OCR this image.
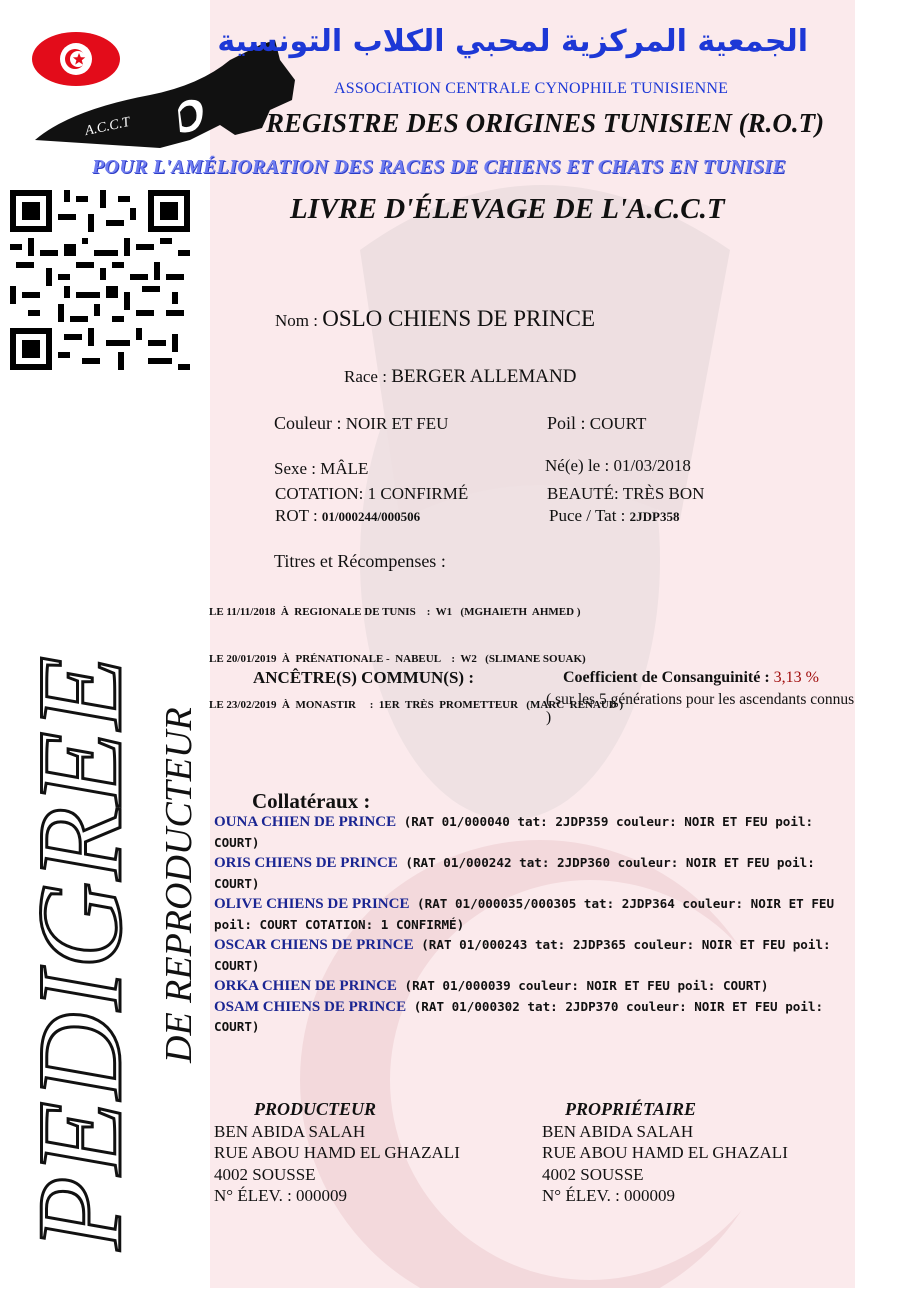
A.C.C.T
الجمعية المركزية لمحبي الكلاب التونسية
ASSOCIATION CENTRALE CYNOPHILE TUNISIENNE
REGISTRE DES ORIGINES TUNISIEN (R.O.T)
POUR L'AMÉLIORATION DES RACES DE CHIENS ET CHATS EN TUNISIE
LIVRE D'ÉLEVAGE DE L'A.C.C.T
PEDIGREE DE REPRODUCTEUR
Nom : OSLO CHIENS DE PRINCE
Race : BERGER ALLEMAND
Couleur : NOIR ET FEU	Poil : COURT
Sexe : MÂLE	Né(e) le : 01/03/2018
COTATION: 1 CONFIRMÉ	BEAUTÉ: TRÈS BON
ROT : 01/000244/000506	Puce / Tat : 2JDP358
Titres et Récompenses :

LE 11/11/2018  À  REGIONALE DE TUNIS    :  W1   (MGHAIETH  AHMED )

LE 20/01/2019  À  PRÉNATIONALE -  NABEUL    :  W2   (SLIMANE SOUAK)

LE 23/02/2019  À  MONASTIR     :  1ER  TRÈS  PROMETTEUR   (MARC  RENAUD )

ANCÊTRE(S) COMMUN(S) :	Coefficient de Consanguinité : 3,13 %
( sur les 5 générations pour les ascendants connus )
Collatéraux :
OUNA CHIEN DE PRINCE (RAT 01/000040 tat: 2JDP359 couleur: NOIR ET FEU poil: COURT)
ORIS CHIENS DE PRINCE (RAT 01/000242 tat: 2JDP360 couleur: NOIR ET FEU poil: COURT)
OLIVE CHIENS DE PRINCE (RAT 01/000035/000305 tat: 2JDP364 couleur: NOIR ET FEU poil: COURT COTATION: 1 CONFIRMÉ)
OSCAR CHIENS DE PRINCE (RAT 01/000243 tat: 2JDP365 couleur: NOIR ET FEU poil: COURT)
ORKA CHIEN DE PRINCE (RAT 01/000039 couleur: NOIR ET FEU poil: COURT)
OSAM CHIENS DE PRINCE (RAT 01/000302 tat: 2JDP370 couleur: NOIR ET FEU poil: COURT)
PRODUCTEUR
BEN ABIDA SALAH
RUE ABOU HAMD EL GHAZALI
4002 SOUSSE
N° ÉLEV. : 000009
PROPRIÉTAIRE
BEN ABIDA SALAH
RUE ABOU HAMD EL GHAZALI
4002 SOUSSE
N° ÉLEV. : 000009
